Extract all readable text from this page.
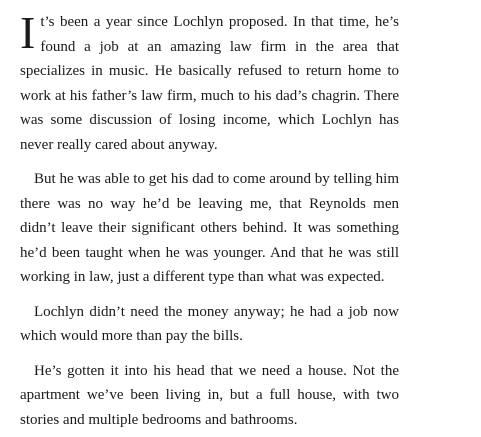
It’s been a year since Lochlyn proposed. In that time, he’s found a job at an amazing law firm in the area that specializes in music. He basically refused to return home to work at his father’s law firm, much to his dad’s chagrin. There was some discussion of losing income, which Lochlyn has never really cared about anyway.

But he was able to get his dad to come around by telling him there was no way he’d be leaving me, that Reynolds men didn’t leave their significant others behind. It was something he’d been taught when he was younger. And that he was still working in law, just a different type than what was expected.

Lochlyn didn’t need the money anyway; he had a job now which would more than pay the bills.

He’s gotten it into his head that we need a house. Not the apartment we’ve been living in, but a full house, with two stories and multiple bedrooms and bathrooms.
